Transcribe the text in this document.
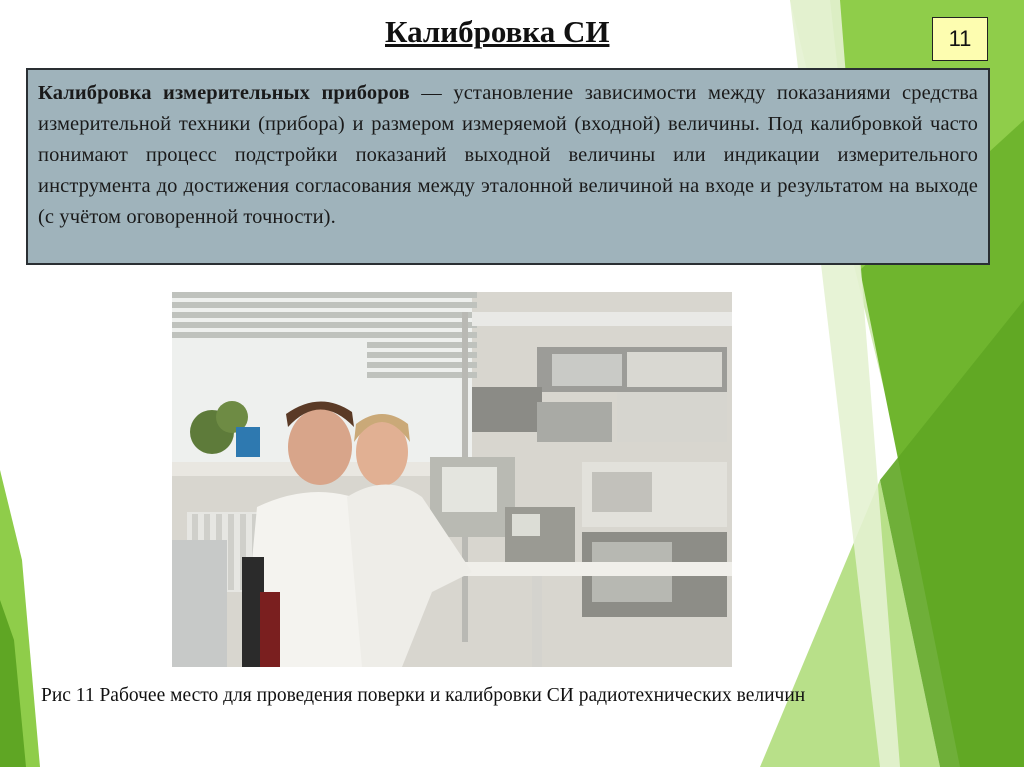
Калибровка СИ	11

Калибровка измерительных приборов — установление зависимости между показаниями средства измерительной техники (прибора) и размером измеряемой (входной) величины. Под калибровкой часто понимают процесс подстройки показаний выходной величины или индикации измерительного инструмента до достижения согласования между эталонной величиной на входе и результатом на выходе (с учётом оговоренной точности).

Рис 11 Рабочее место для проведения поверки и калибровки СИ радиотехнических величин
